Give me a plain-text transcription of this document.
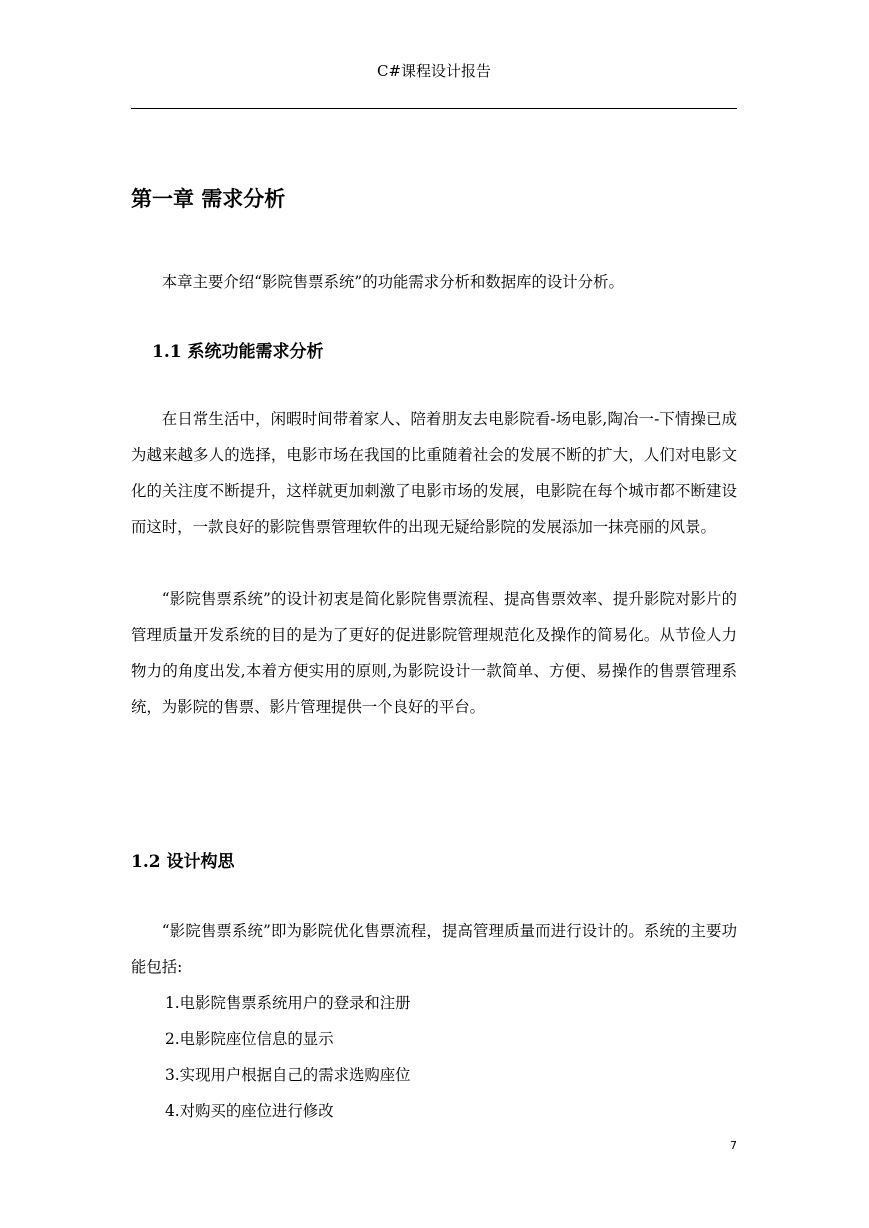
C#课程设计报告
第一章 需求分析

本章主要介绍“影院售票系统”的功能需求分析和数据库的设计分析。

1.1 系统功能需求分析

在日常生活中，闲暇时间带着家人、陪着朋友去电影院看-场电影,陶冶一-下情操已成为越来越多人的选择，电影市场在我国的比重随着社会的发展不断的扩大，人们对电影文化的关注度不断提升，这样就更加刺激了电影市场的发展，电影院在每个城市都不断建设而这时，一款良好的影院售票管理软件的出现无疑给影院的发展添加一抹亮丽的风景。

“影院售票系统”的设计初衷是简化影院售票流程、提高售票效率、提升影院对影片的管理质量开发系统的目的是为了更好的促进影院管理规范化及操作的简易化。从节俭人力物力的角度出发,本着方便实用的原则,为影院设计一款简单、方便、易操作的售票管理系统，为影院的售票、影片管理提供一个良好的平台。

1.2 设计构思

“影院售票系统”即为影院优化售票流程，提高管理质量而进行设计的。系统的主要功能包括:

1.电影院售票系统用户的登录和注册

2.电影院座位信息的显示

3.实现用户根据自己的需求选购座位

4.对购买的座位进行修改

7
